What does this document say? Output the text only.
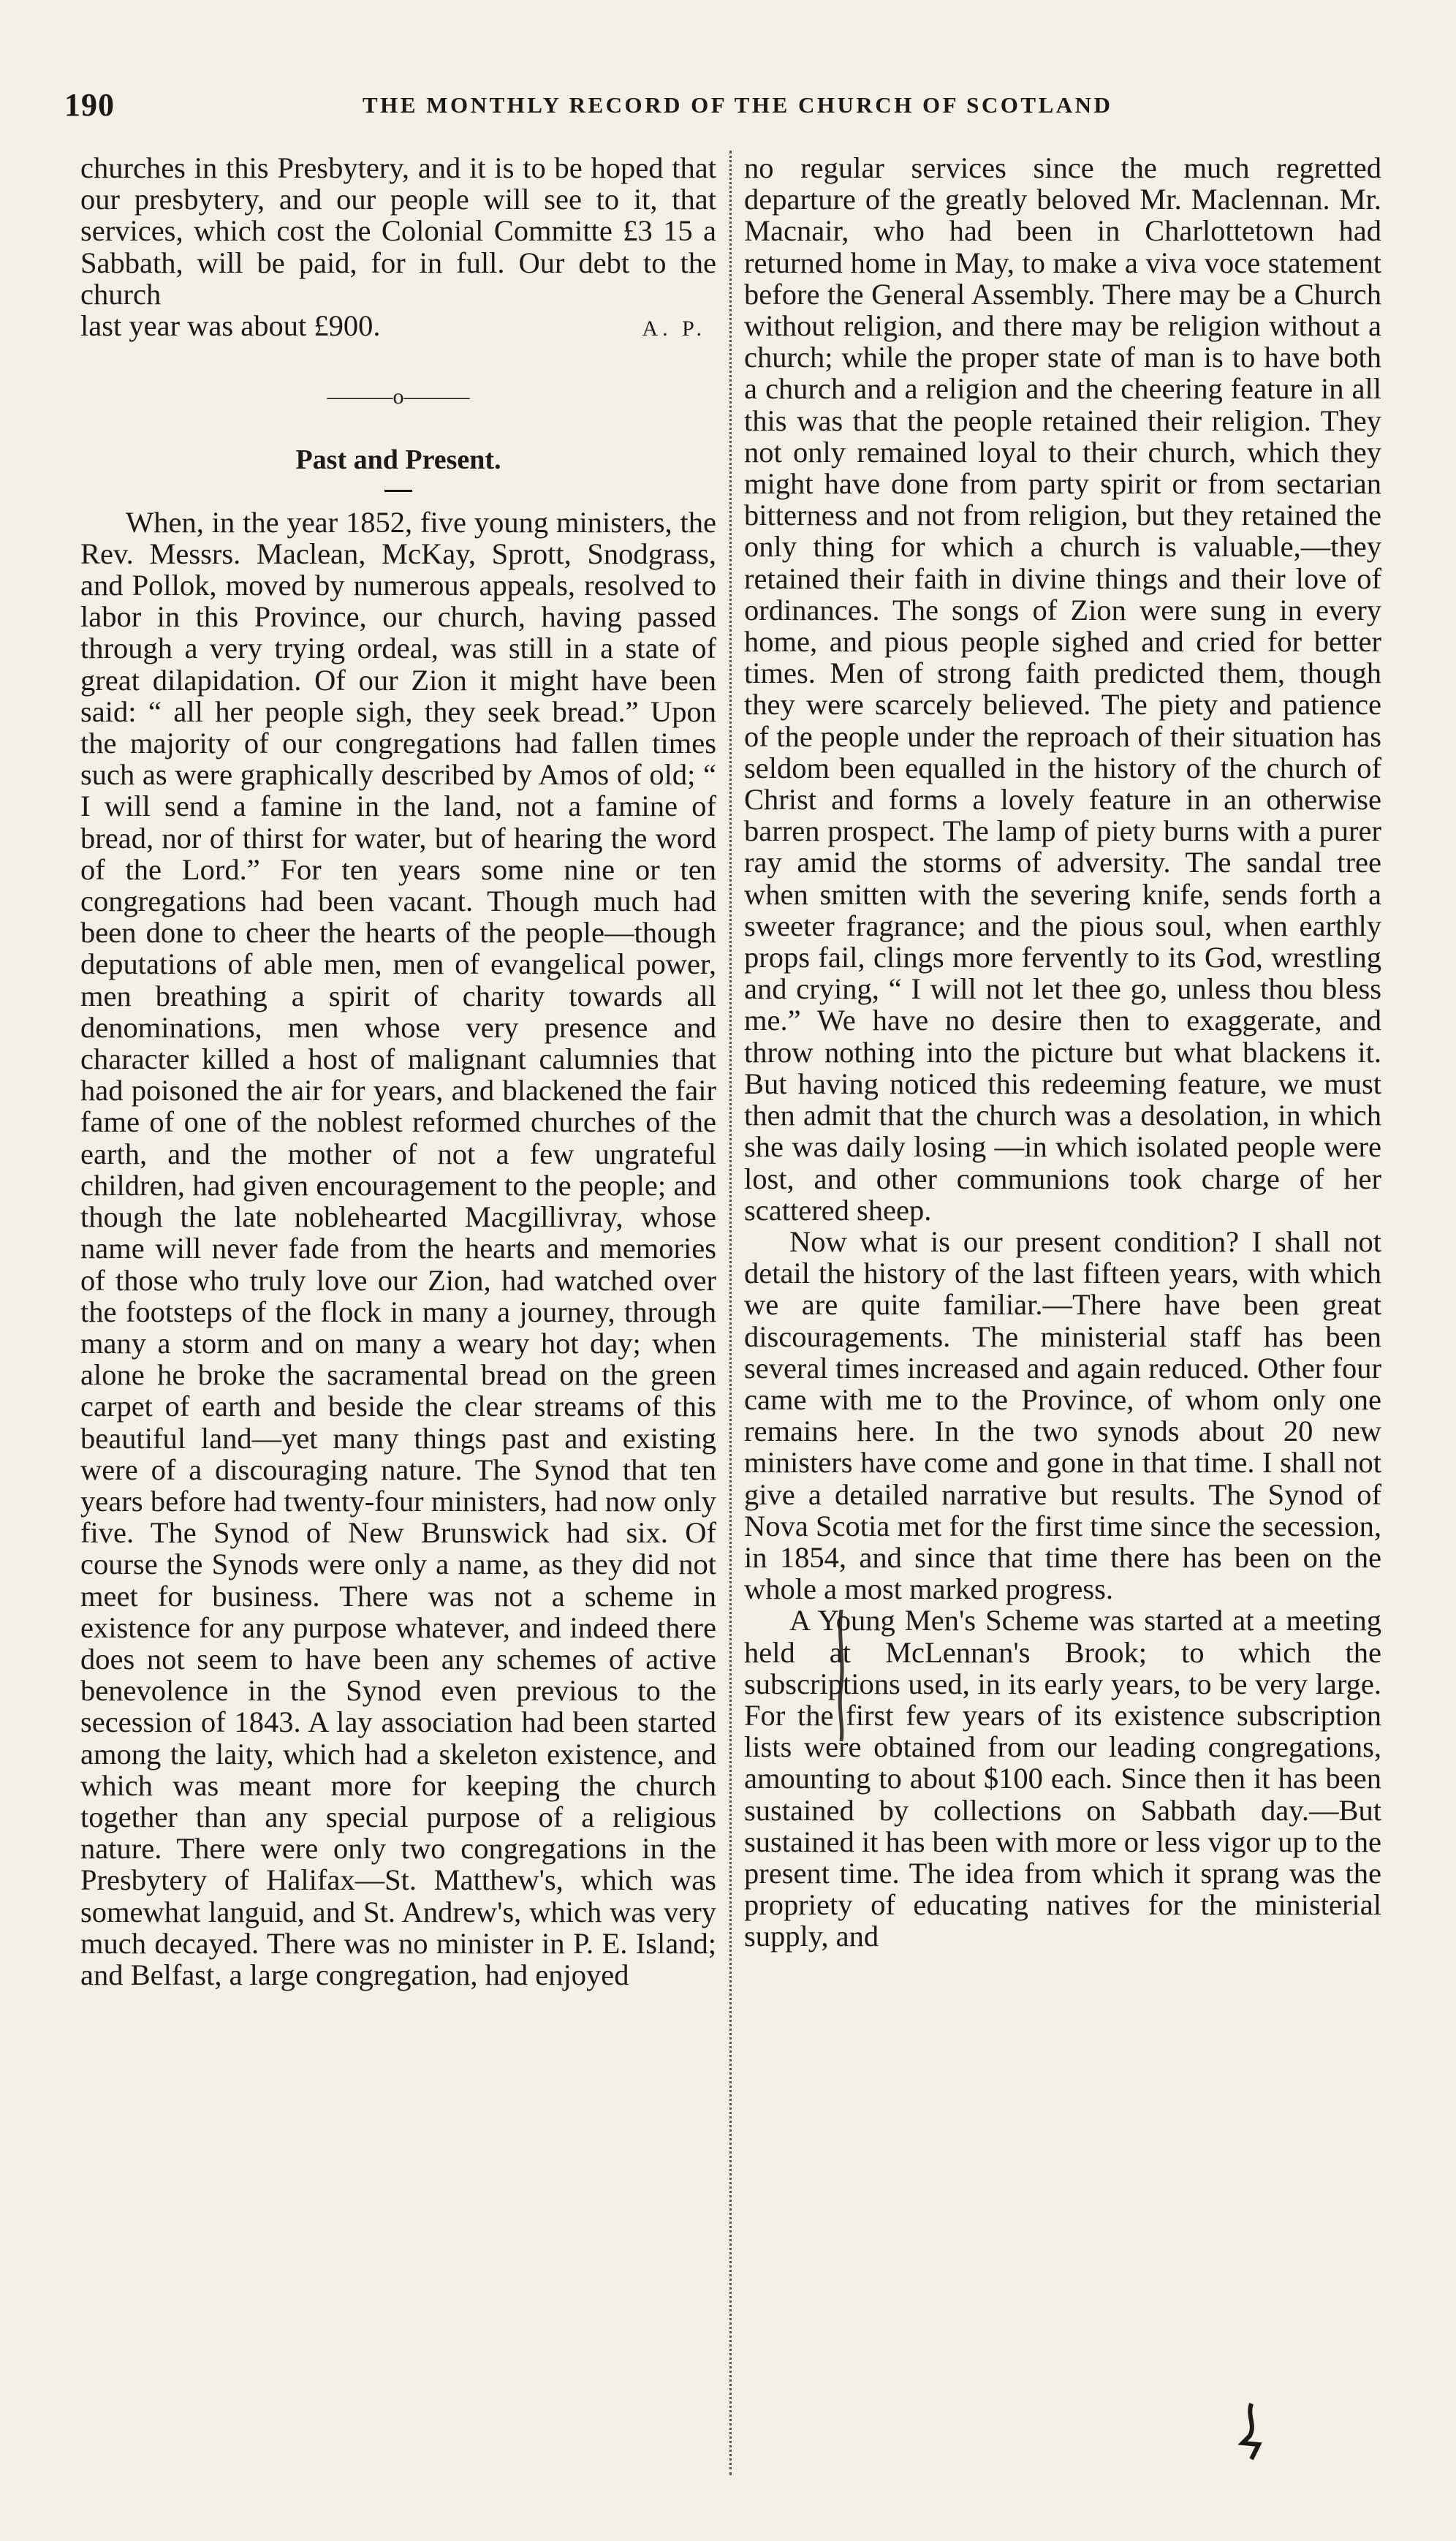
190	THE MONTHLY RECORD OF THE CHURCH OF SCOTLAND

churches in this Presbytery, and it is to be hoped that our presbytery, and our people will see to it, that services, which cost the Colonial Committe £3 15 a Sabbath, will be paid, for in full. Our debt to the church

last year was about £900.	A. P.
———o———

Past and Present.

When, in the year 1852, five young ministers, the Rev. Messrs. Maclean, McKay, Sprott, Snodgrass, and Pollok, moved by numerous appeals, resolved to labor in this Province, our church, having passed through a very trying ordeal, was still in a state of great dilapidation. Of our Zion it might have been said: “ all her people sigh, they seek bread.” Upon the majority of our congregations had fallen times such as were graphically described by Amos of old; “ I will send a famine in the land, not a famine of bread, nor of thirst for water, but of hearing the word of the Lord.” For ten years some nine or ten congregations had been vacant. Though much had been done to cheer the hearts of the people—though deputations of able men, men of evangelical power, men breathing a spirit of charity towards all denominations, men whose very presence and character killed a host of malignant calumnies that had poisoned the air for years, and blackened the fair fame of one of the noblest reformed churches of the earth, and the mother of not a few ungrateful children, had given encouragement to the people; and though the late noblehearted Macgillivray, whose name will never fade from the hearts and memories of those who truly love our Zion, had watched over the footsteps of the flock in many a journey, through many a storm and on many a weary hot day; when alone he broke the sacramental bread on the green carpet of earth and beside the clear streams of this beautiful land—yet many things past and existing were of a discouraging nature. The Synod that ten years before had twenty-four ministers, had now only five. The Synod of New Brunswick had six. Of course the Synods were only a name, as they did not meet for business. There was not a scheme in existence for any purpose whatever, and indeed there does not seem to have been any schemes of active benevolence in the Synod even previous to the secession of 1843. A lay association had been started among the laity, which had a skeleton existence, and which was meant more for keeping the church together than any special purpose of a religious nature. There were only two congregations in the Presbytery of Halifax—St. Matthew's, which was somewhat languid, and St. Andrew's, which was very much decayed. There was no minister in P. E. Island; and Belfast, a large congregation, had enjoyed

no regular services since the much regretted departure of the greatly beloved Mr. Maclennan. Mr. Macnair, who had been in Charlottetown had returned home in May, to make a viva voce statement before the General Assembly. There may be a Church without religion, and there may be religion without a church; while the proper state of man is to have both a church and a religion and the cheering feature in all this was that the people retained their religion. They not only remained loyal to their church, which they might have done from party spirit or from sectarian bitterness and not from religion, but they retained the only thing for which a church is valuable,—they retained their faith in divine things and their love of ordinances. The songs of Zion were sung in every home, and pious people sighed and cried for better times. Men of strong faith predicted them, though they were scarcely believed. The piety and patience of the people under the reproach of their situation has seldom been equalled in the history of the church of Christ and forms a lovely feature in an otherwise barren prospect. The lamp of piety burns with a purer ray amid the storms of adversity. The sandal tree when smitten with the severing knife, sends forth a sweeter fragrance; and the pious soul, when earthly props fail, clings more fervently to its God, wrestling and crying, “ I will not let thee go, unless thou bless me.” We have no desire then to exaggerate, and throw nothing into the picture but what blackens it. But having noticed this redeeming feature, we must then admit that the church was a desolation, in which she was daily losing —in which isolated people were lost, and other communions took charge of her scattered sheep.

Now what is our present condition? I shall not detail the history of the last fifteen years, with which we are quite familiar.—There have been great discouragements. The ministerial staff has been several times increased and again reduced. Other four came with me to the Province, of whom only one remains here. In the two synods about 20 new ministers have come and gone in that time. I shall not give a detailed narrative but results. The Synod of Nova Scotia met for the first time since the secession, in 1854, and since that time there has been on the whole a most marked progress.

A Young Men's Scheme was started at a meeting held at McLennan's Brook; to which the subscriptions used, in its early years, to be very large. For the first few years of its existence subscription lists were obtained from our leading congregations, amounting to about $100 each. Since then it has been sustained by collections on Sabbath day.—But sustained it has been with more or less vigor up to the present time. The idea from which it sprang was the propriety of educating natives for the ministerial supply, and
